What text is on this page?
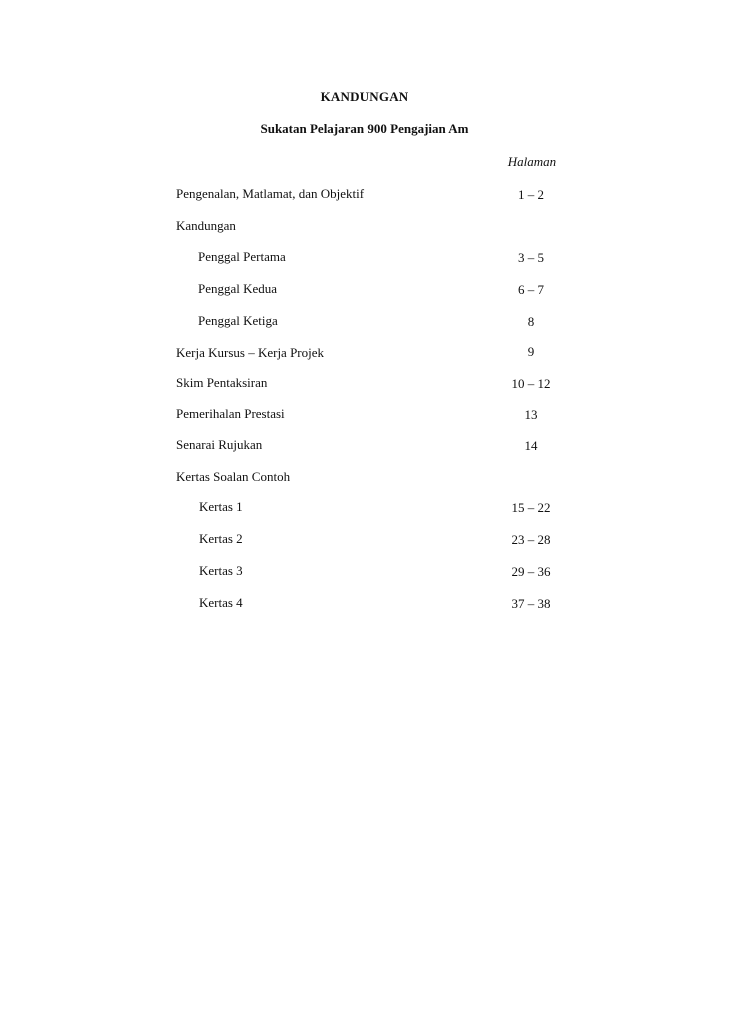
KANDUNGAN
Sukatan Pelajaran 900 Pengajian Am
Halaman
Pengenalan, Matlamat, dan Objektif	1 – 2
Kandungan
Penggal Pertama	3 – 5
Penggal Kedua	6 – 7
Penggal Ketiga	8
Kerja Kursus – Kerja Projek	9
Skim Pentaksiran	10 – 12
Pemerihalan Prestasi	13
Senarai Rujukan	14
Kertas Soalan Contoh
Kertas 1	15 – 22
Kertas 2	23 – 28
Kertas 3	29 – 36
Kertas 4	37 – 38
